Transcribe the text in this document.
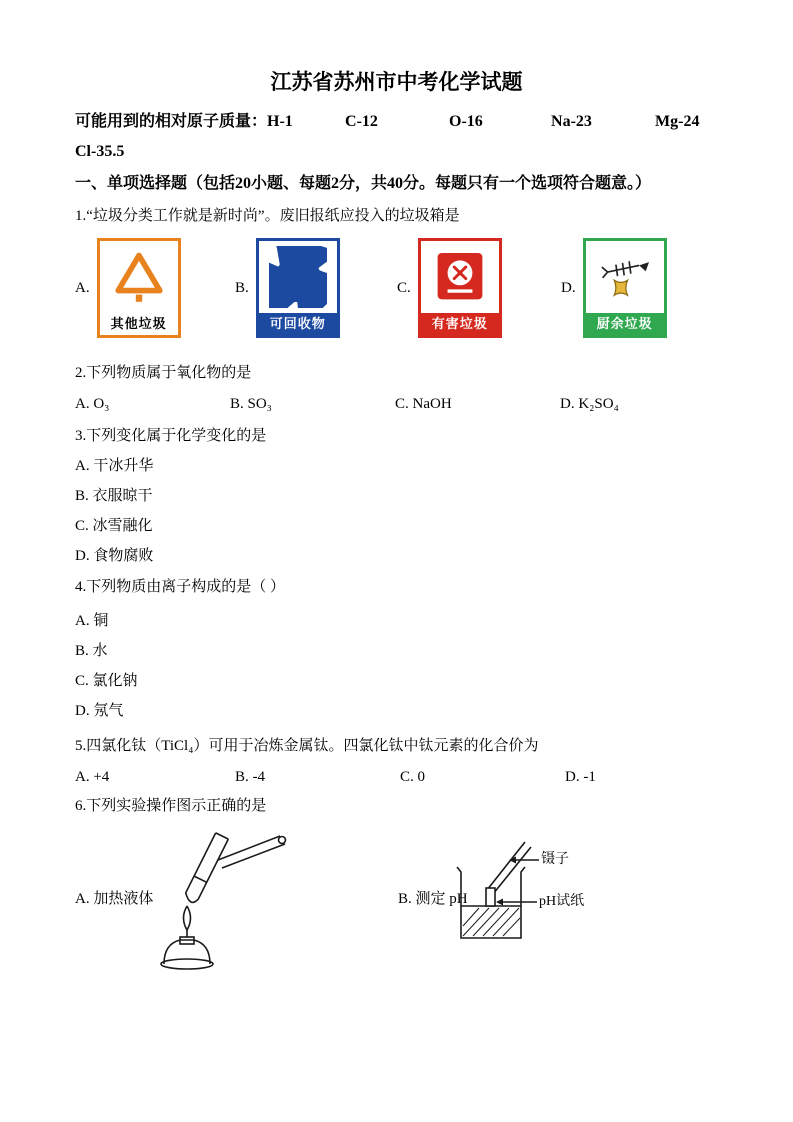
江苏省苏州市中考化学试题
可能用到的相对原子质量： H-1	C-12	O-16	Na-23	Mg-24
Cl-35.5
一、单项选择题（包括20小题、每题2分，共40分。每题只有一个选项符合题意。）
1.“垃圾分类工作就是新时尚”。废旧报纸应投入的垃圾箱是
A.
其他垃圾
B.
可回收物
C.
有害垃圾
D.
厨余垃圾
2.下列物质属于氧化物的是
A. O₃	B. SO₃	C. NaOH	D. K₂SO₄
3.下列变化属于化学变化的是
A. 干冰升华
B. 衣服晾干
C. 冰雪融化
D. 食物腐败
4.下列物质由离子构成的是（ ）
A. 铜
B. 水
C. 氯化钠
D. 氖气
5.四氯化钛（TiCl₄）可用于冶炼金属钛。四氯化钛中钛元素的化合价为
A. +4	B. -4	C. 0	D. -1
6.下列实验操作图示正确的是
A. 加热液体	B. 测定 pH
镊子
pH试纸
